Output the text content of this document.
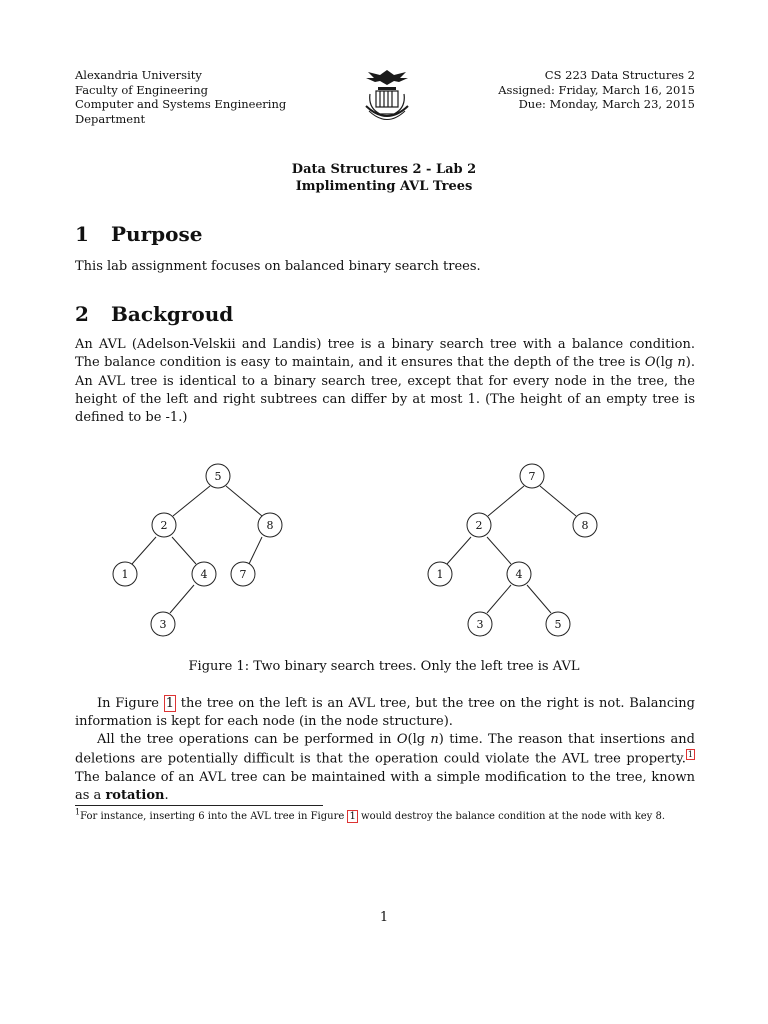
Alexandria University
Faculty of Engineering
Computer and Systems Engineering
Department
CS 223 Data Structures 2
Assigned: Friday, March 16, 2015
Due: Monday, March 23, 2015
Data Structures 2 - Lab 2
Implimenting AVL Trees
1 Purpose

This lab assignment focuses on balanced binary search trees.

2 Backgroud

An AVL (Adelson-Velskii and Landis) tree is a binary search tree with a balance condition. The balance condition is easy to maintain, and it ensures that the depth of the tree is O(lg n). An AVL tree is identical to a binary search tree, except that for every node in the tree, the height of the left and right subtrees can differ by at most 1. (The height of an empty tree is defined to be -1.)

5
2	8
1	4	7
3
7
2	8
1	4
3	5
Figure 1: Two binary search trees. Only the left tree is AVL

In Figure 1 the tree on the left is an AVL tree, but the tree on the right is not. Balancing information is kept for each node (in the node structure).

All the tree operations can be performed in O(lg n) time. The reason that insertions and deletions are potentially difficult is that the operation could violate the AVL tree property. $^1$ The balance of an AVL tree can be maintained with a simple modification to the tree, known as a rotation.

$^1$For instance, inserting 6 into the AVL tree in Figure 1 would destroy the balance condition at the node with key 8.

1
